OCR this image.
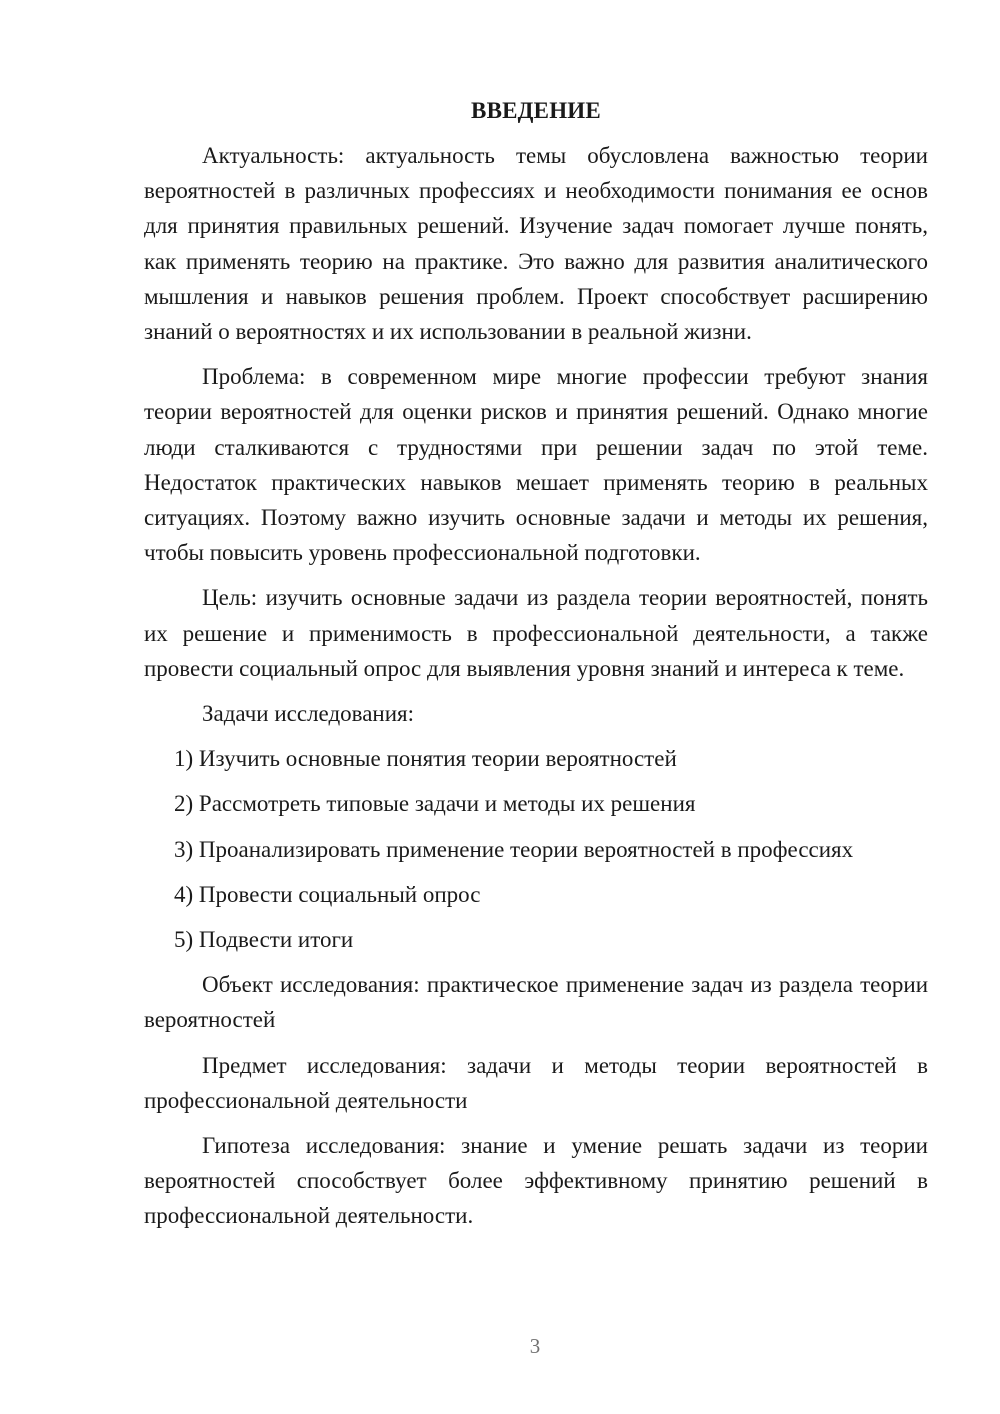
ВВЕДЕНИЕ

Актуальность: актуальность темы обусловлена важностью теории вероятностей в различных профессиях и необходимости понимания ее основ для принятия правильных решений. Изучение задач помогает лучше понять, как применять теорию на практике. Это важно для развития аналитического мышления и навыков решения проблем. Проект способствует расширению знаний о вероятностях и их использовании в реальной жизни.

Проблема: в современном мире многие профессии требуют знания теории вероятностей для оценки рисков и принятия решений. Однако многие люди сталкиваются с трудностями при решении задач по этой теме. Недостаток практических навыков мешает применять теорию в реальных ситуациях. Поэтому важно изучить основные задачи и методы их решения, чтобы повысить уровень профессиональной подготовки.

Цель: изучить основные задачи из раздела теории вероятностей, понять их решение и применимость в профессиональной деятельности, а также провести социальный опрос для выявления уровня знаний и интереса к теме.

Задачи исследования:

1) Изучить основные понятия теории вероятностей
2) Рассмотреть типовые задачи и методы их решения
3) Проанализировать применение теории вероятностей в профессиях
4) Провести социальный опрос
5) Подвести итоги

Объект исследования: практическое применение задач из раздела теории вероятностей

Предмет исследования: задачи и методы теории вероятностей в профессиональной деятельности

Гипотеза исследования: знание и умение решать задачи из теории вероятностей способствует более эффективному принятию решений в профессиональной деятельности.

3
